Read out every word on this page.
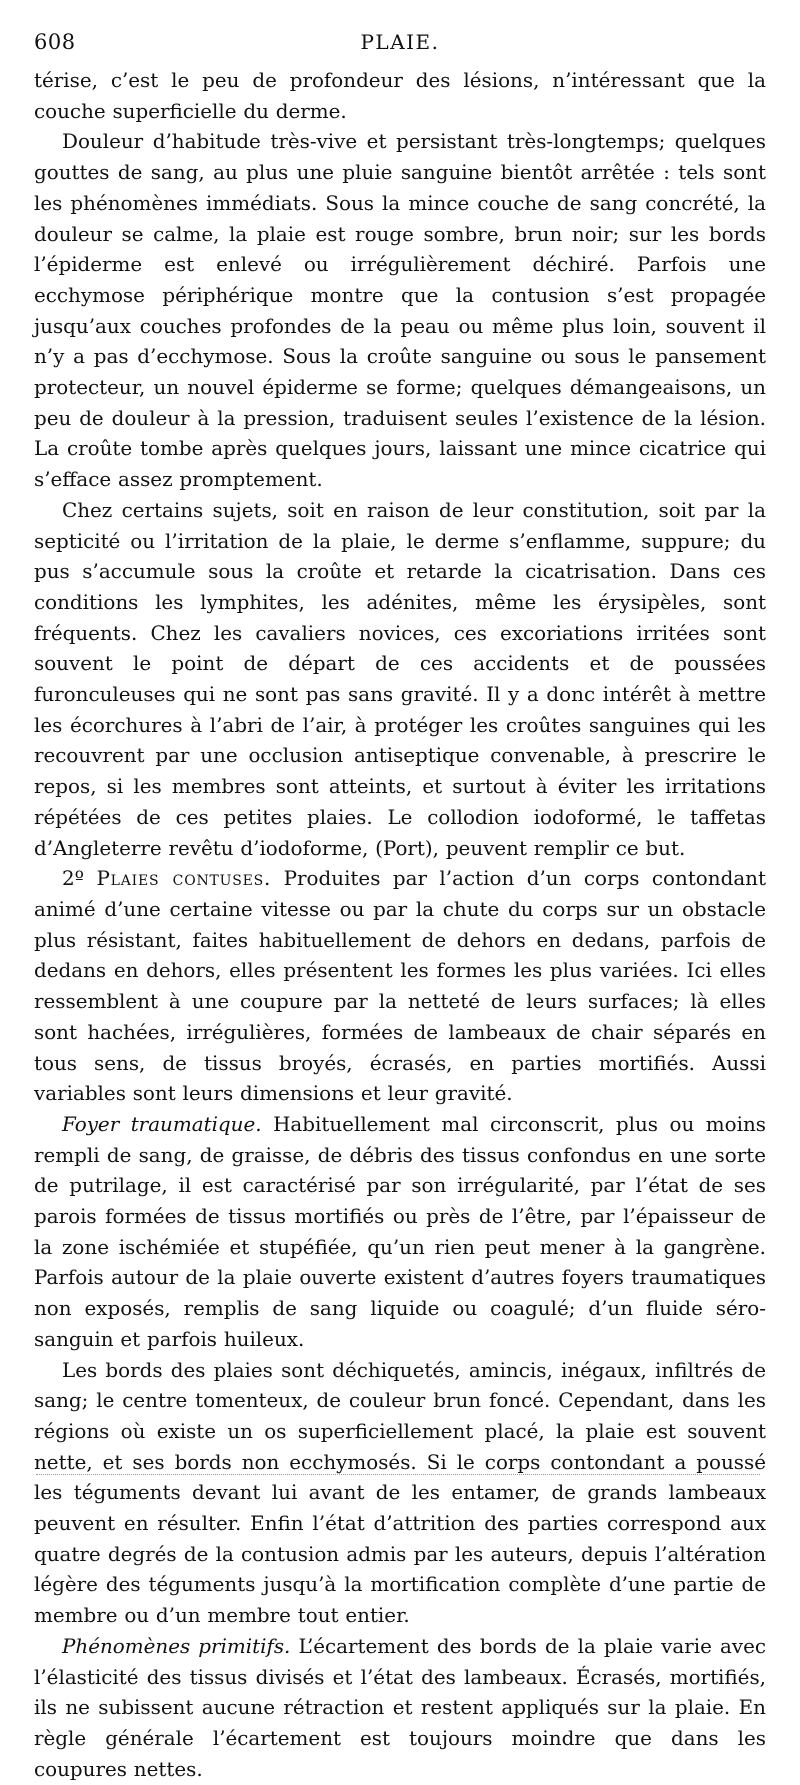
608	PLAIE.

térise, c’est le peu de profondeur des lésions, n’intéressant que la couche superficielle du derme.

Douleur d’habitude très-vive et persistant très-longtemps; quelques gouttes de sang, au plus une pluie sanguine bientôt arrêtée : tels sont les phénomènes immédiats. Sous la mince couche de sang concrété, la douleur se calme, la plaie est rouge sombre, brun noir; sur les bords l’épiderme est enlevé ou irrégulièrement déchiré. Parfois une ecchymose périphérique montre que la contusion s’est propagée jusqu’aux couches profondes de la peau ou même plus loin, souvent il n’y a pas d’ecchymose. Sous la croûte sanguine ou sous le pansement protecteur, un nouvel épiderme se forme; quelques démangeaisons, un peu de douleur à la pression, traduisent seules l’existence de la lésion. La croûte tombe après quelques jours, laissant une mince cicatrice qui s’efface assez promptement.

Chez certains sujets, soit en raison de leur constitution, soit par la septicité ou l’irritation de la plaie, le derme s’enflamme, suppure; du pus s’accumule sous la croûte et retarde la cicatrisation. Dans ces conditions les lymphites, les adénites, même les érysipèles, sont fréquents. Chez les cavaliers novices, ces excoriations irritées sont souvent le point de départ de ces accidents et de poussées furonculeuses qui ne sont pas sans gravité. Il y a donc intérêt à mettre les écorchures à l’abri de l’air, à protéger les croûtes sanguines qui les recouvrent par une occlusion antiseptique convenable, à prescrire le repos, si les membres sont atteints, et surtout à éviter les irritations répétées de ces petites plaies. Le collodion iodoformé, le taffetas d’Angleterre revêtu d’iodoforme, (Port), peuvent remplir ce but.

2º Plaies contuses. Produites par l’action d’un corps contondant animé d’une certaine vitesse ou par la chute du corps sur un obstacle plus résistant, faites habituellement de dehors en dedans, parfois de dedans en dehors, elles présentent les formes les plus variées. Ici elles ressemblent à une coupure par la netteté de leurs surfaces; là elles sont hachées, irrégulières, formées de lambeaux de chair séparés en tous sens, de tissus broyés, écrasés, en parties mortifiés. Aussi variables sont leurs dimensions et leur gravité.

Foyer traumatique. Habituellement mal circonscrit, plus ou moins rempli de sang, de graisse, de débris des tissus confondus en une sorte de putrilage, il est caractérisé par son irrégularité, par l’état de ses parois formées de tissus mortifiés ou près de l’être, par l’épaisseur de la zone ischémiée et stupéfiée, qu’un rien peut mener à la gangrène. Parfois autour de la plaie ouverte existent d’autres foyers traumatiques non exposés, remplis de sang liquide ou coagulé; d’un fluide séro-sanguin et parfois huileux.

Les bords des plaies sont déchiquetés, amincis, inégaux, infiltrés de sang; le centre tomenteux, de couleur brun foncé. Cependant, dans les régions où existe un os superficiellement placé, la plaie est souvent nette, et ses bords non ecchymosés. Si le corps contondant a poussé les téguments devant lui avant de les entamer, de grands lambeaux peuvent en résulter. Enfin l’état d’attrition des parties correspond aux quatre degrés de la contusion admis par les auteurs, depuis l’altération légère des téguments jusqu’à la mortification complète d’une partie de membre ou d’un membre tout entier.

Phénomènes primitifs. L’écartement des bords de la plaie varie avec l’élasticité des tissus divisés et l’état des lambeaux. Écrasés, mortifiés, ils ne subissent aucune rétraction et restent appliqués sur la plaie. En règle générale l’écartement est toujours moindre que dans les coupures nettes.
